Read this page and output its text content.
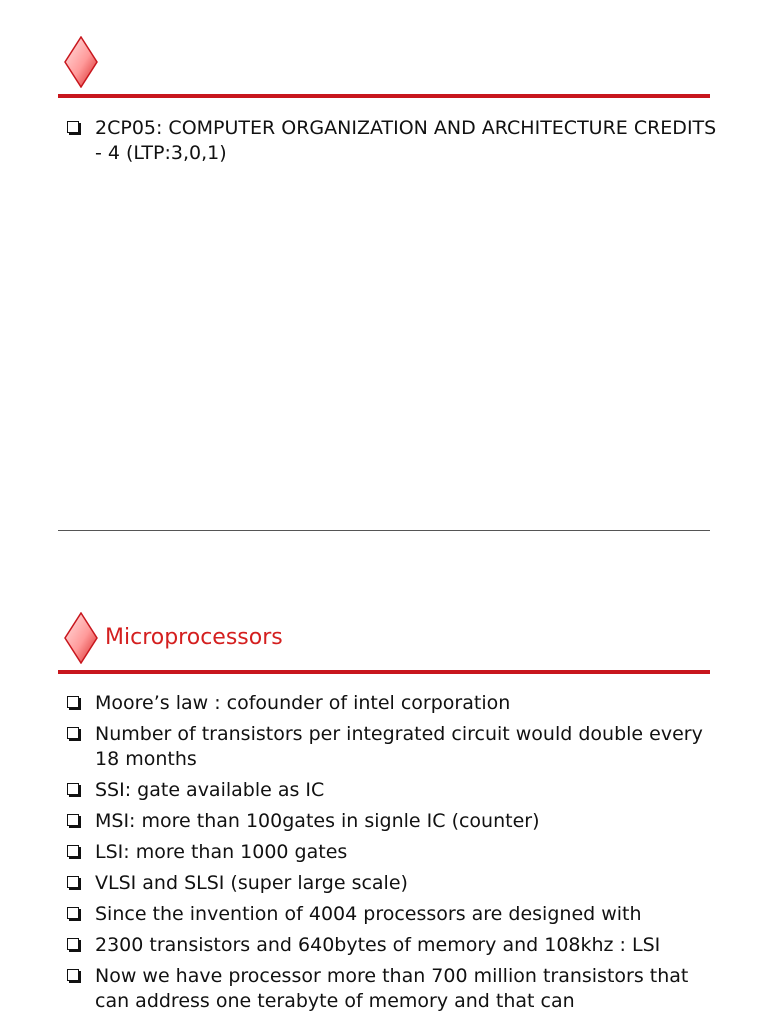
2CP05: COMPUTER ORGANIZATION AND ARCHITECTURE CREDITS - 4 (LTP:3,0,1)
Microprocessors
Moore’s law : cofounder of intel corporation
Number of transistors per integrated circuit would double every 18 months
SSI: gate available as IC
MSI: more than 100gates in signle IC (counter)
LSI: more than 1000 gates
VLSI and SLSI (super large scale)
Since the invention of 4004 processors are designed with
2300 transistors and 640bytes of memory and 108khz : LSI
Now we have processor more than 700 million transistors that can address one terabyte of memory and that can
